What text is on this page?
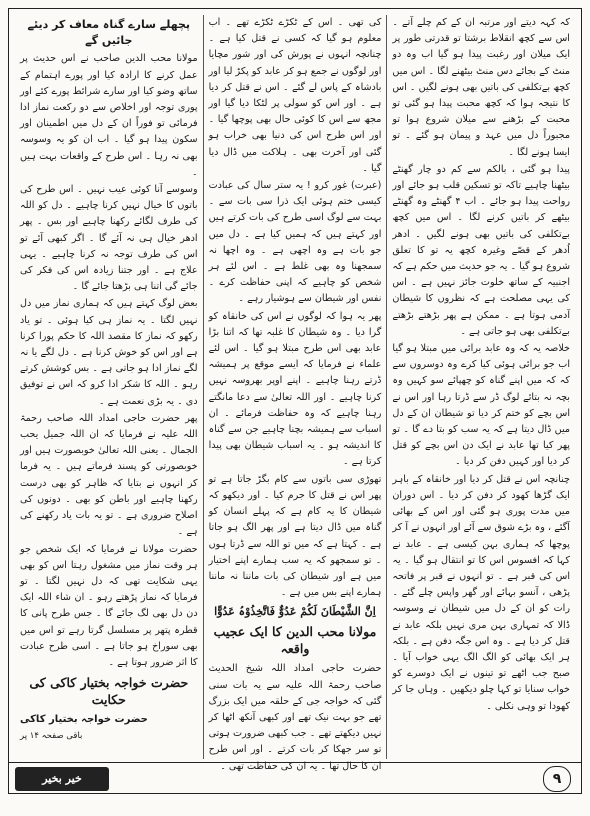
پچھلے سارے گناہ معاف کر دیئے جائیں گے

مولانا محب الدین صاحب نے اس حدیث پر عمل کرنے کا ارادہ کیا اور پورے اہتمام کے ساتھ وضو کیا اور سارے شرائط پورے کئے اور پوری توجہ اور اخلاص سے دو رکعت نماز ادا فرمائی تو فوراً ان کے دل میں اطمینان اور سکون پیدا ہو گیا ۔ اب ان کو یہ وسوسہ بھی نہ رہا ۔ اس طرح کے واقعات بہت ہیں ۔

وسوسے آنا کوئی عیب نہیں ۔ اس طرح کی باتوں کا خیال نہیں کرنا چاہیے ۔ دل کو اللہ کی طرف لگائے رکھنا چاہیے اور بس ۔ پھر ادھر خیال ہی نہ آئے گا ۔ اگر کبھی آئے تو اس کی طرف توجہ نہ کرنا چاہیے ۔ یہی علاج ہے ۔ اور جتنا زیادہ اس کی فکر کی جائے گی اتنا ہی بڑھتا جائے گا ۔

بعض لوگ کہتے ہیں کہ ہماری نماز میں دل نہیں لگتا ۔ یہ نماز ہی کیا ہوئی ۔ تو یاد رکھو کہ نماز کا مقصد اللہ کا حکم پورا کرنا ہے اور اس کو خوش کرنا ہے ۔ دل لگے یا نہ لگے نماز ادا ہو جاتی ہے ۔ بس کوشش کرتے رہو ۔ اللہ کا شکر ادا کرو کہ اس نے توفیق دی ۔ یہ بڑی نعمت ہے ۔

پھر حضرت حاجی امداد اللہ صاحب رحمۃ اللہ علیہ نے فرمایا کہ ان اللہ جمیل یحب الجمال ۔ یعنی اللہ تعالیٰ خوبصورت ہیں اور خوبصورتی کو پسند فرماتے ہیں ۔ یہ فرما کر انہوں نے بتایا کہ ظاہر کو بھی درست رکھنا چاہیے اور باطن کو بھی ۔ دونوں کی اصلاح ضروری ہے ۔ تو یہ بات یاد رکھنے کی ہے ۔

حضرت مولانا نے فرمایا کہ ایک شخص جو ہر وقت نماز میں مشغول رہتا اس کو بھی یہی شکایت تھی کہ دل نہیں لگتا ۔ تو فرمایا کہ نماز پڑھتے رہو ۔ ان شاء اللہ ایک دن دل بھی لگ جائے گا ۔ جس طرح پانی کا قطرہ پتھر پر مسلسل گرتا رہے تو اس میں بھی سوراخ ہو جاتا ہے ۔ اسی طرح عبادت کا اثر ضرور ہوتا ہے ۔

حضرت خواجہ بختیار کاکی کی حکایت
حضرت خواجہ بختیار کاکی
باقی صفحہ ۱۴ پر

کی تھی ۔ اس کے ٹکڑے ٹکڑے تھے ۔ اب معلوم ہو گیا کہ کسی نے قتل کیا ہے ۔ چنانچہ انہوں نے پورش کی اور شور مچایا اور لوگوں نے جمع ہو کر عابد کو پکڑ لیا اور بادشاہ کے پاس لے گئے ۔ اس نے قتل کر دیا ہے ۔ اور اس کو سولی پر لٹکا دیا گیا اور مجھ سے اس کا کوئی حال بھی پوچھا گیا ۔ اور اس طرح اس کی دنیا بھی خراب ہو گئی اور آخرت بھی ۔ ہلاکت میں ڈال دیا گیا ۔

(عبرت) غور کرو ! یہ ستر سال کی عبادت کیسی ختم ہوئی ایک ذرا سی بات سے ۔ بہت سے لوگ اسی طرح کی بات کرتے ہیں اور کہتے ہیں کہ ہمیں کیا ہے ۔ دل میں جو بات ہے وہ اچھی ہے ۔ وہ اچھا نہ سمجھنا وہ بھی غلط ہے ۔ اس لئے ہر شخص کو چاہیے کہ اپنی حفاظت کرے ۔ نفس اور شیطان سے ہوشیار رہے ۔

پھر یہ ہوا کہ لوگوں نے اس کی خانقاہ کو گرا دیا ۔ وہ شیطان کا غلبہ تھا کہ اتنا بڑا عابد بھی اس طرح مبتلا ہو گیا ۔ اس لئے علماء نے فرمایا کہ ایسے موقع پر ہمیشہ ڈرتے رہنا چاہیے ۔ اپنے اوپر بھروسہ نہیں کرنا چاہیے ۔ اور اللہ تعالیٰ سے دعا مانگتے رہنا چاہیے کہ وہ حفاظت فرمائے ۔ ان اسباب سے ہمیشہ بچنا چاہیے جن سے گناہ کا اندیشہ ہو ۔ یہ اسباب شیطان بھی پیدا کرتا ہے ۔

تھوڑی سی باتوں سے کام بگڑ جاتا ہے تو پھر اس نے قتل کا جرم کیا ۔ اور دیکھو کہ شیطان کا یہ کام ہے کہ پہلے انسان کو گناہ میں ڈال دیتا ہے اور پھر الگ ہو جاتا ہے ۔ کہتا ہے کہ میں تو اللہ سے ڈرتا ہوں ۔ تو سمجھو کہ یہ سب ہمارے اپنے اختیار میں ہے اور شیطان کی بات ماننا نہ ماننا ہمارے اپنے بس میں ہے ۔

اِنَّ الشَّیْطَانَ لَکُمْ عَدُوٌّ فَاتَّخِذُوْہُ عَدُوًّا
مولانا محب الدین کا ایک عجیب واقعہ

حضرت حاجی امداد اللہ شیخ الحدیث صاحب رحمۃ اللہ علیہ سے یہ بات سنی گئی کہ خواجہ جی کے حلقہ میں ایک بزرگ تھے جو بہت نیک تھے اور کبھی آنکھ اٹھا کر نہیں دیکھتے تھے ۔ جب کبھی ضرورت ہوتی تو سر جھکا کر بات کرتے ۔ اور اس طرح ان کا حال تھا ۔ یہ ان کی حفاظت تھی ۔

کہ کہہ دیتے اور مرتبہ ان کے کم چلے آتے ۔ اس سے کچھ انقلاط برشتا تو قدرتی طور پر ایک میلان اور رغبت پیدا ہو گیا اب وہ دو منٹ کے بجائے دس منٹ بیٹھنے لگا ۔ اس میں کچھ بےتکلفی کی باتیں بھی ہونے لگیں ۔ اس کا نتیجہ ہوا کہ کچھ محبت پیدا ہو گئی تو محبت کے بڑھنے سے میلان شروع ہوا تو مجبوراً دل میں عہد و پیمان ہو گئے ۔ تو ایسا ہونے لگا ۔

پیدا ہو گئی ، بالکم سے کم دو چار گھنٹے بیٹھنا چاہیے تاکہ تو تسکین قلب ہو جائے اور رواحت پیدا ہو جائے ۔ اب ۴ گھنٹے وہ گھنٹے بیٹھے کر باتیں کرنے لگا ۔ اس میں کچھ بےتکلفی کی باتیں بھی ہونے لگیں ۔ ادھر اُدھر کے قصّے وغیرہ کچھ یہ تو کا تعلق شروع ہو گیا ۔ یہ جو حدیث میں حکم ہے کہ اجنبیہ کے ساتھ خلوت جائز نہیں ہے ۔ اس کی یہی مصلحت ہے کہ نظروں کا شیطان آدمی ہوتا ہے ۔ ممکن ہے پھر بڑھتے بڑھتے بےتکلفی بھی ہو جاتی ہے ۔

خلاصہ یہ کہ وہ عابد برائی میں مبتلا ہو گیا اب جو برائی ہوئی کیا کرے وہ دوسروں سے کہ کہ میں اپنے گناہ کو چھپائے سو کہیں وہ بچہ نہ بتائے لوگ ڈر سے ڈرتا رہا اور اس نے اس بچے کو ختم کر دیا تو شیطان ان کے دل میں ڈال دیتا ہے کہ یہ سب کو بتا دے گا ۔ تو پھر کیا تھا عابد نے ایک دن اس بچے کو قتل کر دیا اور کہیں دفن کر دیا ۔

چنانچہ اس نے قتل کر دیا اور خانقاہ کے باہر ایک گڑھا کھود کر دفن کر دیا ۔ اس دوران میں مدت پوری ہو گئی اور اس کے بھائی آگئے ، وہ بڑے شوق سے آئے اور انہوں نے آ کر پوچھا کہ ہماری بہن کیسی ہے ۔ عابد نے کہا کہ افسوس اس کا تو انتقال ہو گیا ۔ یہ اس کی قبر ہے ۔ تو انہوں نے قبر پر فاتحہ پڑھی ، آنسو بہائے اور گھر واپس چلے گئے ۔ رات کو ان کے دل میں شیطان نے وسوسہ ڈالا کہ تمہاری بہن مری نہیں بلکہ عابد نے قتل کر دیا ہے ۔ وہ اس جگہ دفن ہے ۔ بلکہ ہر ایک بھائی کو الگ الگ یہی خواب آیا ۔ صبح جب اٹھے تو تینوں نے ایک دوسرے کو خواب سنایا تو کہا چلو دیکھیں ۔ وہاں جا کر کھودا تو وہی نکلی ۔

خیر بخیر	۹
